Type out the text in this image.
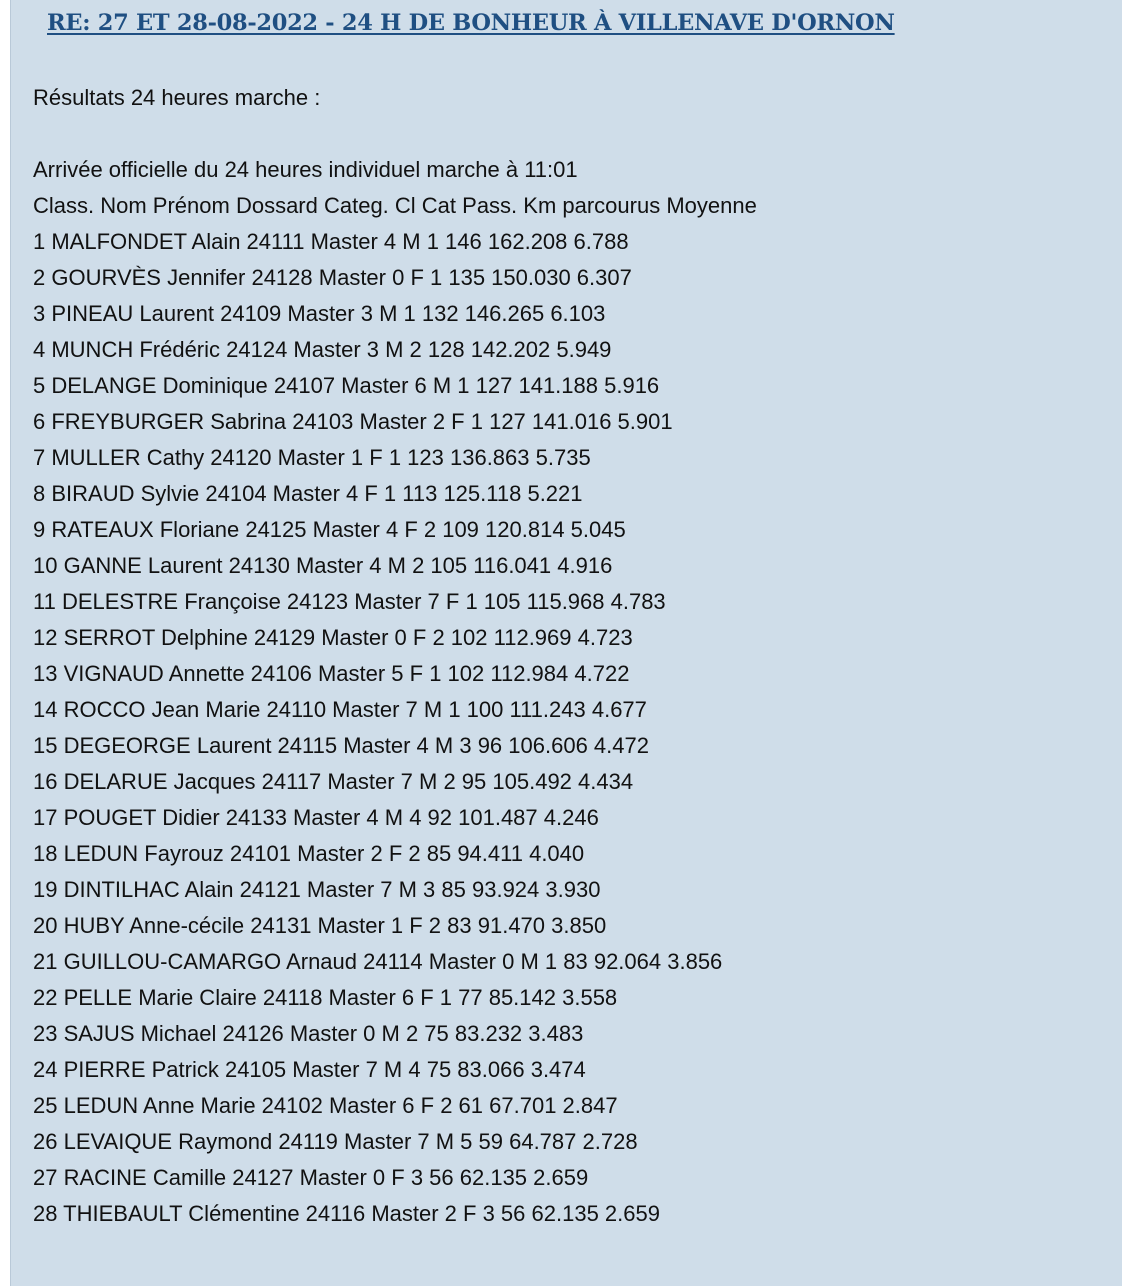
RE: 27 ET 28-08-2022 - 24 H DE BONHEUR À VILLENAVE D'ORNON
Résultats 24 heures marche :
Arrivée officielle du 24 heures individuel marche à 11:01
Class. Nom Prénom Dossard Categ. Cl Cat Pass. Km parcourus Moyenne
1 MALFONDET Alain 24111 Master 4 M 1 146 162.208 6.788
2 GOURVÈS Jennifer 24128 Master 0 F 1 135 150.030 6.307
3 PINEAU Laurent 24109 Master 3 M 1 132 146.265 6.103
4 MUNCH Frédéric 24124 Master 3 M 2 128 142.202 5.949
5 DELANGE Dominique 24107 Master 6 M 1 127 141.188 5.916
6 FREYBURGER Sabrina 24103 Master 2 F 1 127 141.016 5.901
7 MULLER Cathy 24120 Master 1 F 1 123 136.863 5.735
8 BIRAUD Sylvie 24104 Master 4 F 1 113 125.118 5.221
9 RATEAUX Floriane 24125 Master 4 F 2 109 120.814 5.045
10 GANNE Laurent 24130 Master 4 M 2 105 116.041 4.916
11 DELESTRE Françoise 24123 Master 7 F 1 105 115.968 4.783
12 SERROT Delphine 24129 Master 0 F 2 102 112.969 4.723
13 VIGNAUD Annette 24106 Master 5 F 1 102 112.984 4.722
14 ROCCO Jean Marie 24110 Master 7 M 1 100 111.243 4.677
15 DEGEORGE Laurent 24115 Master 4 M 3 96 106.606 4.472
16 DELARUE Jacques 24117 Master 7 M 2 95 105.492 4.434
17 POUGET Didier 24133 Master 4 M 4 92 101.487 4.246
18 LEDUN Fayrouz 24101 Master 2 F 2 85 94.411 4.040
19 DINTILHAC Alain 24121 Master 7 M 3 85 93.924 3.930
20 HUBY Anne-cécile 24131 Master 1 F 2 83 91.470 3.850
21 GUILLOU-CAMARGO Arnaud 24114 Master 0 M 1 83 92.064 3.856
22 PELLE Marie Claire 24118 Master 6 F 1 77 85.142 3.558
23 SAJUS Michael 24126 Master 0 M 2 75 83.232 3.483
24 PIERRE Patrick 24105 Master 7 M 4 75 83.066 3.474
25 LEDUN Anne Marie 24102 Master 6 F 2 61 67.701 2.847
26 LEVAIQUE Raymond 24119 Master 7 M 5 59 64.787 2.728
27 RACINE Camille 24127 Master 0 F 3 56 62.135 2.659
28 THIEBAULT Clémentine 24116 Master 2 F 3 56 62.135 2.659
